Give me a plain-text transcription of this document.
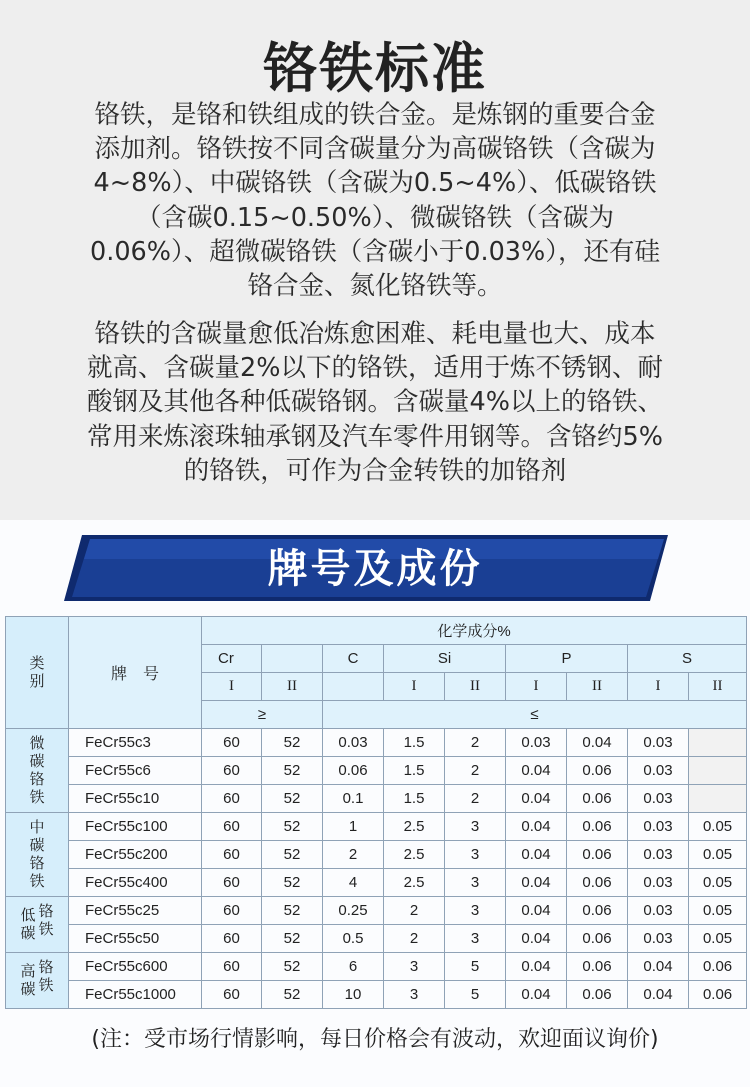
铬铁标准
铬铁，是铬和铁组成的铁合金。是炼钢的重要合金
添加剂。铬铁按不同含碳量分为高碳铬铁（含碳为
4~8%）、中碳铬铁（含碳为0.5~4%）、低碳铬铁
（含碳0.15~0.50%）、微碳铬铁（含碳为
0.06%）、超微碳铬铁（含碳小于0.03%），还有硅
铬合金、氮化铬铁等。
铬铁的含碳量愈低冶炼愈困难、耗电量也大、成本
就高、含碳量2%以下的铬铁，适用于炼不锈钢、耐
酸钢及其他各种低碳铬钢。含碳量4%以上的铬铁、
常用来炼滚珠轴承钢及汽车零件用钢等。含铬约5%
的铬铁，可作为合金转铁的加铬剂
牌号及成份
类
别	牌　号	化学成分%								
		Cr		C	Si		P		S	
		I	II		I	II	I	II	I	II
		≥		≤						

微
碳
铬
铁	FeCr55c3	60	52	0.03	1.5	2	0.03	0.04	0.03	
	FeCr55c6	60	52	0.06	1.5	2	0.04	0.06	0.03	
	FeCr55c10	60	52	0.1	1.5	2	0.04	0.06	0.03	

中
碳
铬
铁	FeCr55c100	60	52	1	2.5	3	0.04	0.06	0.03	0.05
	FeCr55c200	60	52	2	2.5	3	0.04	0.06	0.03	0.05
	FeCr55c400	60	52	4	2.5	3	0.04	0.06	0.03	0.05

低
碳
铬
铁	FeCr55c25	60	52	0.25	2	3	0.04	0.06	0.03	0.05
	FeCr55c50	60	52	0.5	2	3	0.04	0.06	0.03	0.05

高
碳
铬
铁	FeCr55c600	60	52	6	3	5	0.04	0.06	0.04	0.06
	FeCr55c1000	60	52	10	3	5	0.04	0.06	0.04	0.06
(注：受市场行情影响，每日价格会有波动，欢迎面议询价)
